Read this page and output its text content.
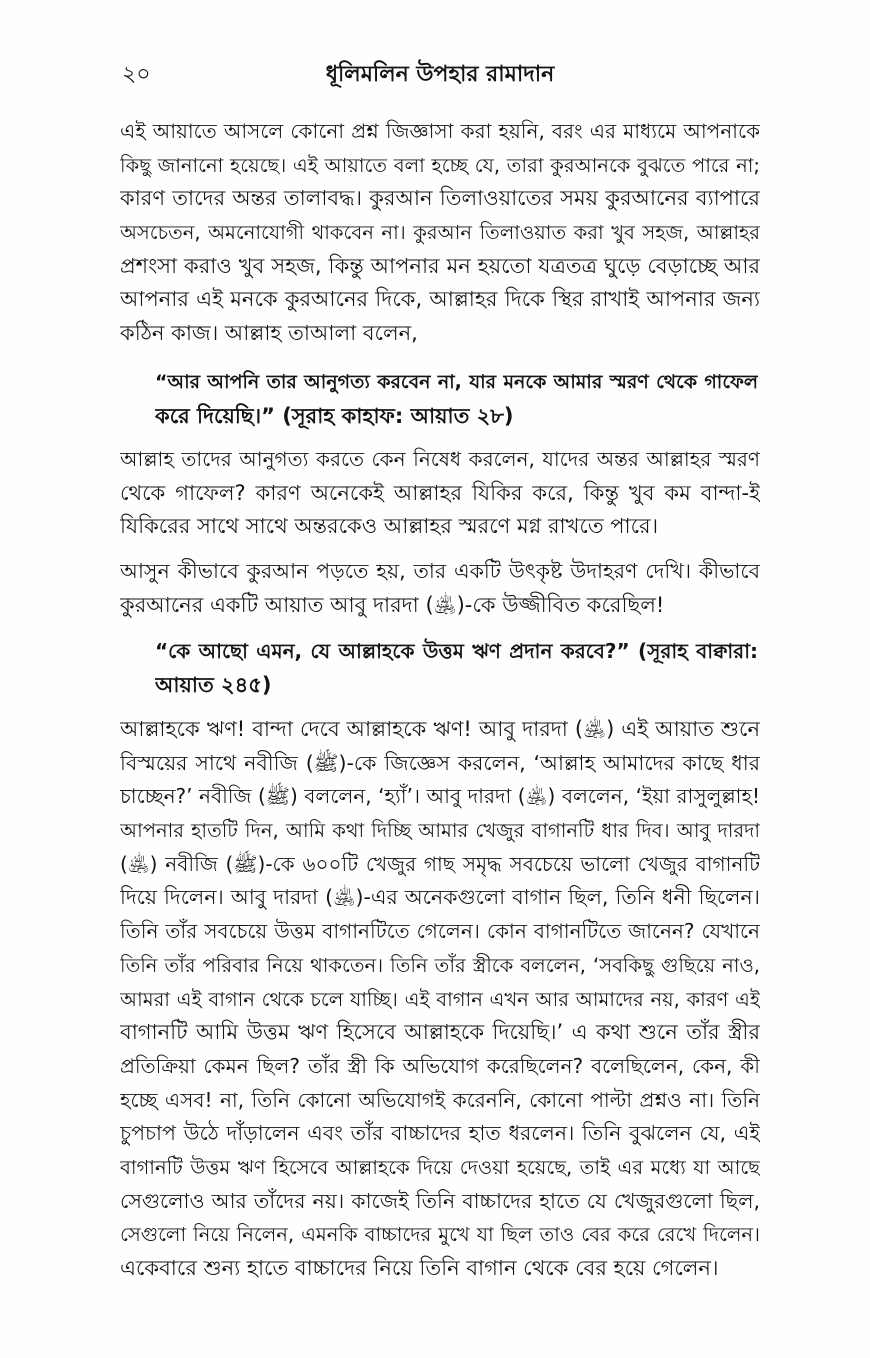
২০	ধূলিমলিন উপহার রামাদান
এই আয়াতে আসলে কোনো প্রশ্ন জিজ্ঞাসা করা হয়নি, বরং এর মাধ্যমে আপনাকে
কিছু জানানো হয়েছে। এই আয়াতে বলা হচ্ছে যে, তারা কুরআনকে বুঝতে পারে না;
কারণ তাদের অন্তর তালাবদ্ধ। কুরআন তিলাওয়াতের সময় কুরআনের ব্যাপারে
অসচেতন, অমনোযোগী থাকবেন না। কুরআন তিলাওয়াত করা খুব সহজ, আল্লাহর
প্রশংসা করাও খুব সহজ, কিন্তু আপনার মন হয়তো যত্রতত্র ঘুড়ে বেড়াচ্ছে আর
আপনার এই মনকে কুরআনের দিকে, আল্লাহর দিকে স্থির রাখাই আপনার জন্য
কঠিন কাজ। আল্লাহ তাআলা বলেন,
“আর আপনি তার আনুগত্য করবেন না, যার মনকে আমার স্মরণ থেকে গাফেল
করে দিয়েছি।” (সূরাহ কাহাফ: আয়াত ২৮)
আল্লাহ তাদের আনুগত্য করতে কেন নিষেধ করলেন, যাদের অন্তর আল্লাহর স্মরণ
থেকে গাফেল? কারণ অনেকেই আল্লাহর যিকির করে, কিন্তু খুব কম বান্দা-ই
যিকিরের সাথে সাথে অন্তরকেও আল্লাহর স্মরণে মগ্ন রাখতে পারে।
আসুন কীভাবে কুরআন পড়তে হয়, তার একটি উৎকৃষ্ট উদাহরণ দেখি। কীভাবে
কুরআনের একটি আয়াত আবু দারদা (﵁)-কে উজ্জীবিত করেছিল!
“কে আছো এমন, যে আল্লাহকে উত্তম ঋণ প্রদান করবে?” (সূরাহ বাক্বারা:
আয়াত ২৪৫)
আল্লাহকে ঋণ! বান্দা দেবে আল্লাহকে ঋণ! আবু দারদা (﵁) এই আয়াত শুনে
বিস্ময়ের সাথে নবীজি (ﷺ)-কে জিজ্ঞেস করলেন, ‘আল্লাহ আমাদের কাছে ধার
চাচ্ছেন?’ নবীজি (ﷺ) বললেন, ‘হ্যাঁ’। আবু দারদা (﵁) বললেন, ‘ইয়া রাসুলুল্লাহ!
আপনার হাতটি দিন, আমি কথা দিচ্ছি আমার খেজুর বাগানটি ধার দিব। আবু দারদা
(﵁) নবীজি (ﷺ)-কে ৬০০টি খেজুর গাছ সমৃদ্ধ সবচেয়ে ভালো খেজুর বাগানটি
দিয়ে দিলেন। আবু দারদা (﵁)-এর অনেকগুলো বাগান ছিল, তিনি ধনী ছিলেন।
তিনি তাঁর সবচেয়ে উত্তম বাগানটিতে গেলেন। কোন বাগানটিতে জানেন? যেখানে
তিনি তাঁর পরিবার নিয়ে থাকতেন। তিনি তাঁর স্ত্রীকে বললেন, ‘সবকিছু গুছিয়ে নাও,
আমরা এই বাগান থেকে চলে যাচ্ছি। এই বাগান এখন আর আমাদের নয়, কারণ এই
বাগানটি আমি উত্তম ঋণ হিসেবে আল্লাহকে দিয়েছি।’ এ কথা শুনে তাঁর স্ত্রীর
প্রতিক্রিয়া কেমন ছিল? তাঁর স্ত্রী কি অভিযোগ করেছিলেন? বলেছিলেন, কেন, কী
হচ্ছে এসব! না, তিনি কোনো অভিযোগই করেননি, কোনো পাল্টা প্রশ্নও না। তিনি
চুপচাপ উঠে দাঁড়ালেন এবং তাঁর বাচ্চাদের হাত ধরলেন। তিনি বুঝলেন যে, এই
বাগানটি উত্তম ঋণ হিসেবে আল্লাহকে দিয়ে দেওয়া হয়েছে, তাই এর মধ্যে যা আছে
সেগুলোও আর তাঁদের নয়। কাজেই তিনি বাচ্চাদের হাতে যে খেজুরগুলো ছিল,
সেগুলো নিয়ে নিলেন, এমনকি বাচ্চাদের মুখে যা ছিল তাও বের করে রেখে দিলেন।
একেবারে শুন্য হাতে বাচ্চাদের নিয়ে তিনি বাগান থেকে বের হয়ে গেলেন।
